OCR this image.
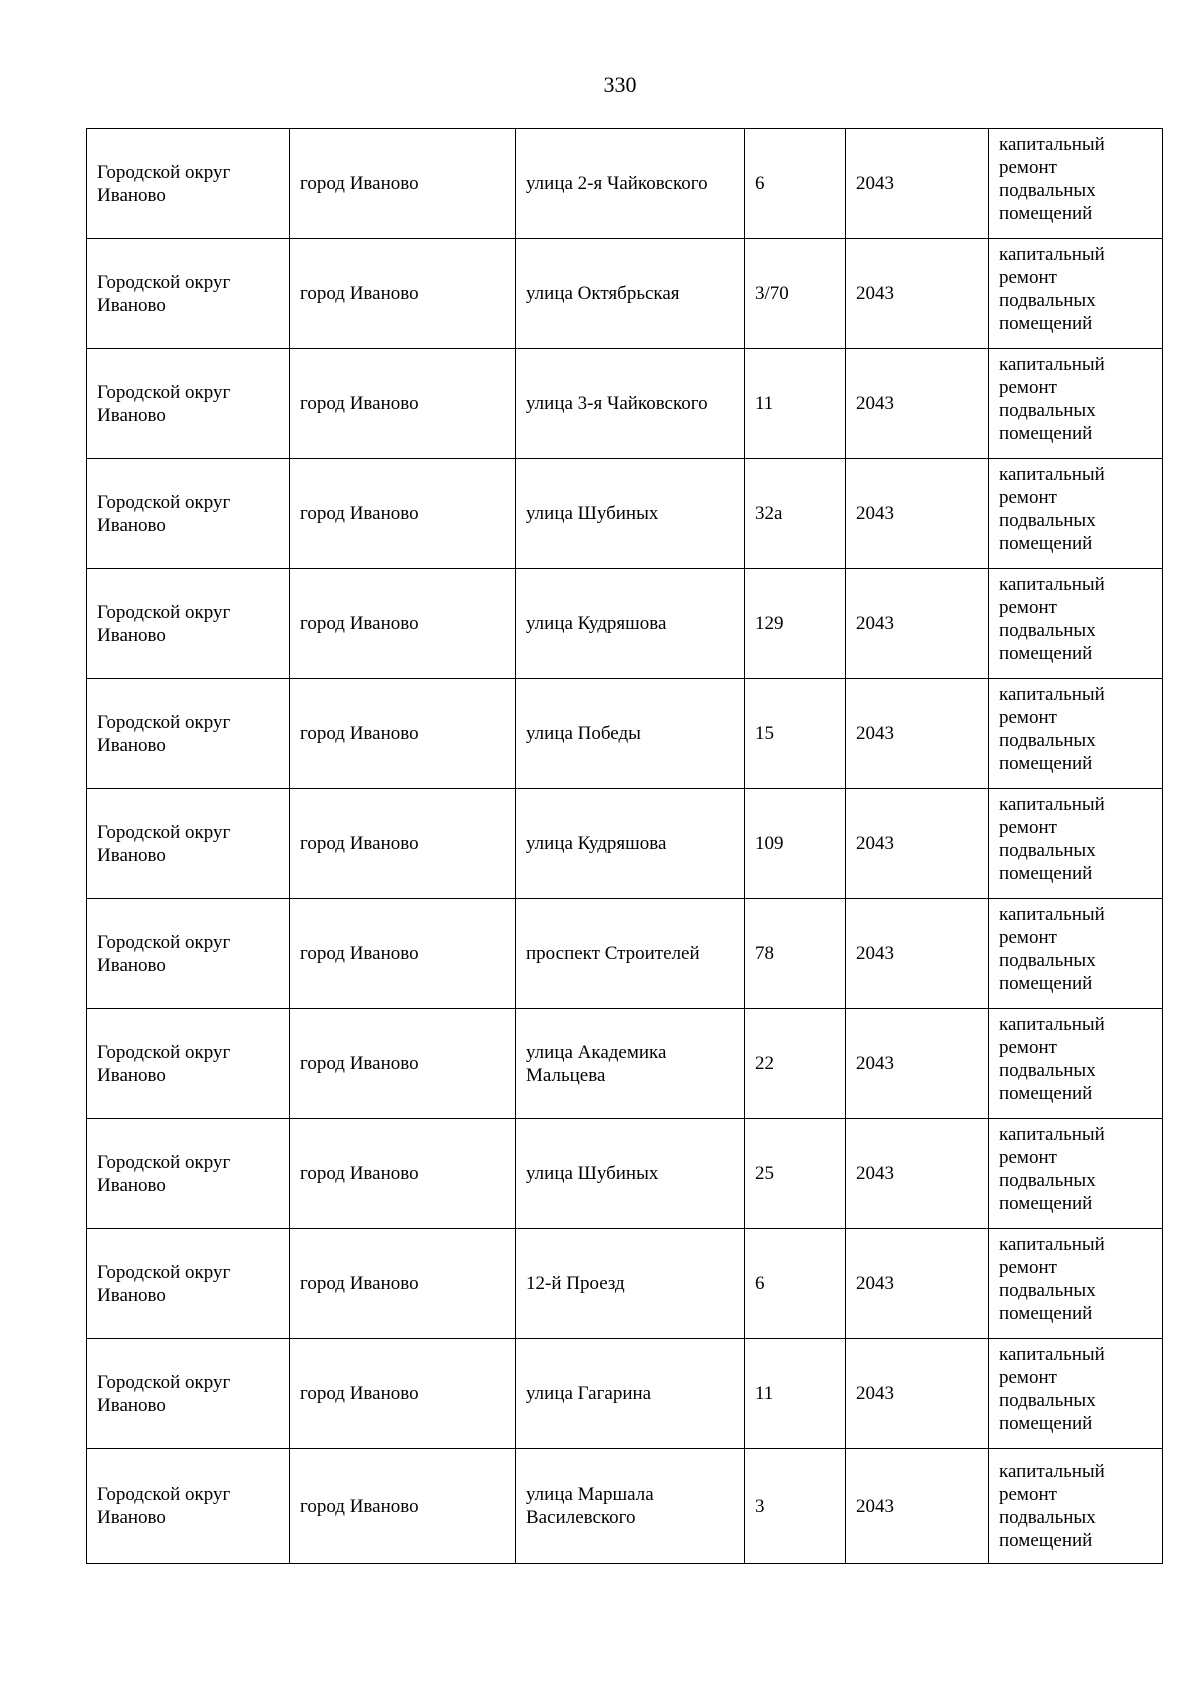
330
Городской округ Иваново	город Иваново	улица 2-я Чайковского	6	2043	капитальный ремонт подвальных помещений
Городской округ Иваново	город Иваново	улица Октябрьская	3/70	2043	капитальный ремонт подвальных помещений
Городской округ Иваново	город Иваново	улица 3-я Чайковского	11	2043	капитальный ремонт подвальных помещений
Городской округ Иваново	город Иваново	улица Шубиных	32а	2043	капитальный ремонт подвальных помещений
Городской округ Иваново	город Иваново	улица Кудряшова	129	2043	капитальный ремонт подвальных помещений
Городской округ Иваново	город Иваново	улица Победы	15	2043	капитальный ремонт подвальных помещений
Городской округ Иваново	город Иваново	улица Кудряшова	109	2043	капитальный ремонт подвальных помещений
Городской округ Иваново	город Иваново	проспект Строителей	78	2043	капитальный ремонт подвальных помещений
Городской округ Иваново	город Иваново	улица Академика Мальцева	22	2043	капитальный ремонт подвальных помещений
Городской округ Иваново	город Иваново	улица Шубиных	25	2043	капитальный ремонт подвальных помещений
Городской округ Иваново	город Иваново	12-й Проезд	6	2043	капитальный ремонт подвальных помещений
Городской округ Иваново	город Иваново	улица Гагарина	11	2043	капитальный ремонт подвальных помещений
Городской округ Иваново	город Иваново	улица Маршала Василевского	3	2043	капитальный ремонт подвальных помещений
